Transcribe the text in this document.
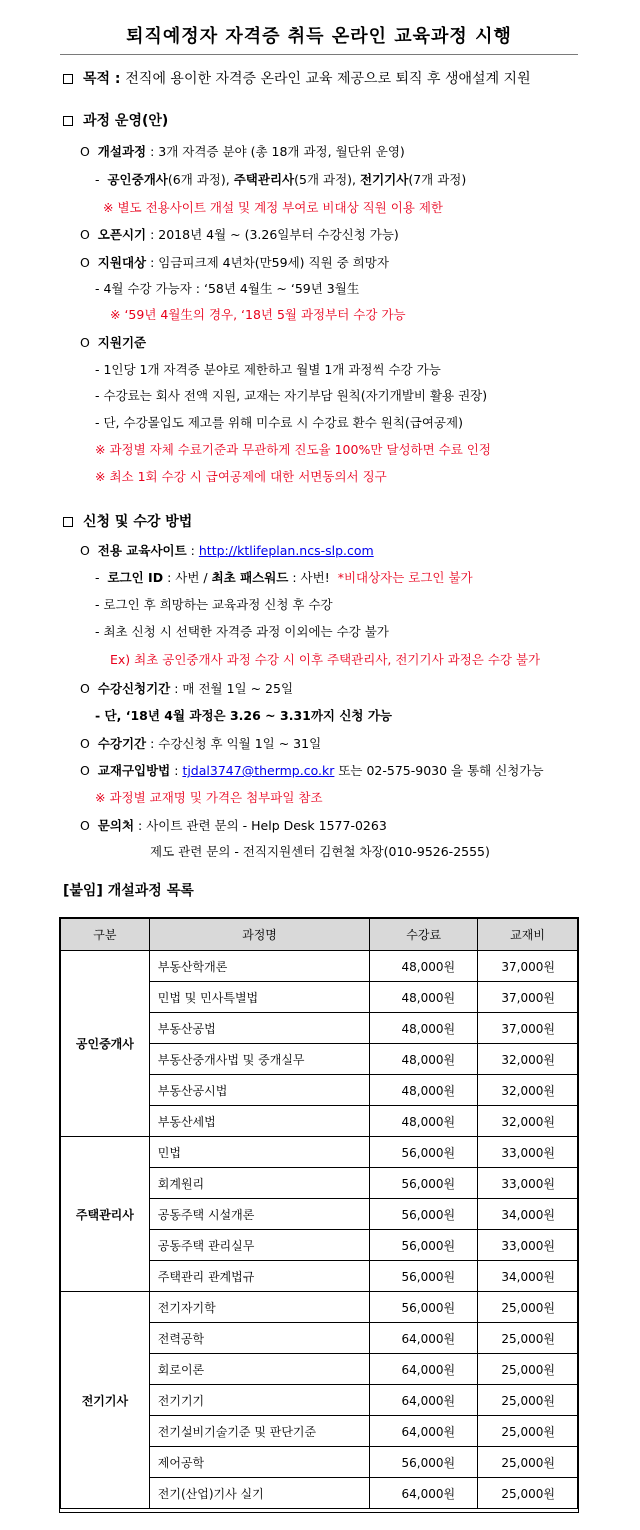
퇴직예정자 자격증 취득 온라인 교육과정 시행
목적 : 전직에 용이한 자격증 온라인 교육 제공으로 퇴직 후 생애설계 지원
과정 운영(안)
O 개설과정 : 3개 자격증 분야 (총 18개 과정, 월단위 운영)
- 공인중개사(6개 과정), 주택관리사(5개 과정), 전기기사(7개 과정)
※ 별도 전용사이트 개설 및 계정 부여로 비대상 직원 이용 제한
O 오픈시기 : 2018년 4월 ~ (3.26일부터 수강신청 가능)
O 지원대상 : 임금피크제 4년차(만59세) 직원 중 희망자
- 4월 수강 가능자 : ‘58년 4월生 ~ ‘59년 3월生
※ ‘59년 4월生의 경우, ‘18년 5월 과정부터 수강 가능
O 지원기준
- 1인당 1개 자격증 분야로 제한하고 월별 1개 과정씩 수강 가능
- 수강료는 회사 전액 지원, 교재는 자기부담 원칙(자기개발비 활용 권장)
- 단, 수강몰입도 제고를 위해 미수료 시 수강료 환수 원칙(급여공제)
※ 과정별 자체 수료기준과 무관하게 진도율 100%만 달성하면 수료 인정
※ 최소 1회 수강 시 급여공제에 대한 서면동의서 징구
신청 및 수강 방법
O 전용 교육사이트 : http://ktlifeplan.ncs-slp.com
- 로그인 ID : 사번 / 최초 패스워드 : 사번! *비대상자는 로그인 불가
- 로그인 후 희망하는 교육과정 신청 후 수강
- 최초 신청 시 선택한 자격증 과정 이외에는 수강 불가
Ex) 최초 공인중개사 과정 수강 시 이후 주택관리사, 전기기사 과정은 수강 불가
O 수강신청기간 : 매 전월 1일 ~ 25일
- 단, ‘18년 4월 과정은 3.26 ~ 3.31까지 신청 가능
O 수강기간 : 수강신청 후 익월 1일 ~ 31일
O 교재구입방법 : tjdal3747@thermp.co.kr 또는 02-575-9030 을 통해 신청가능
※ 과정별 교재명 및 가격은 첨부파일 참조
O 문의처 : 사이트 관련 문의 - Help Desk 1577-0263
제도 관련 문의 - 전직지원센터 김현철 차장(010-9526-2555)
[붙임] 개설과정 목록
구분	과정명	수강료	교재비
공인중개사	부동산학개론	48,000원	37,000원
	민법 및 민사특별법	48,000원	37,000원
	부동산공법	48,000원	37,000원
	부동산중개사법 및 중개실무	48,000원	32,000원
	부동산공시법	48,000원	32,000원
	부동산세법	48,000원	32,000원
주택관리사	민법	56,000원	33,000원
	회계원리	56,000원	33,000원
	공동주택 시설개론	56,000원	34,000원
	공동주택 관리실무	56,000원	33,000원
	주택관리 관계법규	56,000원	34,000원
전기기사	전기자기학	56,000원	25,000원
	전력공학	64,000원	25,000원
	회로이론	64,000원	25,000원
	전기기기	64,000원	25,000원
	전기설비기술기준 및 판단기준	64,000원	25,000원
	제어공학	56,000원	25,000원
	전기(산업)기사 실기	64,000원	25,000원
